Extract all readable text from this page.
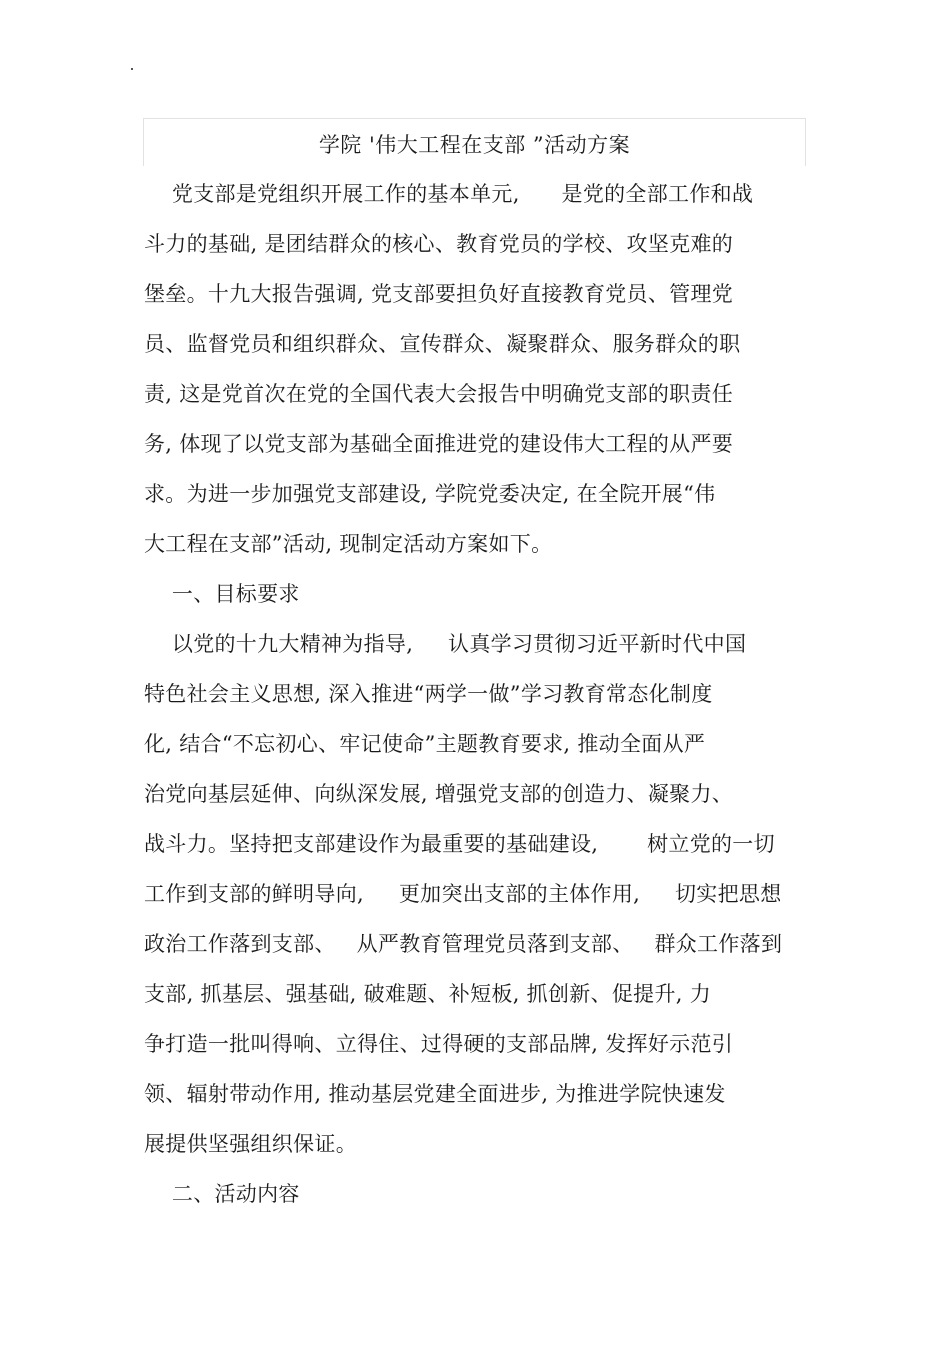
学院 '伟大工程在支部 ”活动方案
党支部是党组织开展工作的基本单元,      是党的全部工作和战
斗力的基础, 是团结群众的核心、教育党员的学校、攻坚克难的
堡垒。十九大报告强调, 党支部要担负好直接教育党员、管理党
员、监督党员和组织群众、宣传群众、凝聚群众、服务群众的职
责, 这是党首次在党的全国代表大会报告中明确党支部的职责任
务, 体现了以党支部为基础全面推进党的建设伟大工程的从严要
求。为进一步加强党支部建设, 学院党委决定, 在全院开展“伟
大工程在支部”活动, 现制定活动方案如下。
一、目标要求
以党的十九大精神为指导,     认真学习贯彻习近平新时代中国
特色社会主义思想, 深入推进“两学一做”学习教育常态化制度
化, 结合“不忘初心、牢记使命”主题教育要求, 推动全面从严
治党向基层延伸、向纵深发展, 增强党支部的创造力、凝聚力、
战斗力。坚持把支部建设作为最重要的基础建设,       树立党的一切
工作到支部的鲜明导向,     更加突出支部的主体作用,     切实把思想
政治工作落到支部、   从严教育管理党员落到支部、   群众工作落到
支部, 抓基层、强基础, 破难题、补短板, 抓创新、促提升, 力
争打造一批叫得响、立得住、过得硬的支部品牌, 发挥好示范引
领、辐射带动作用, 推动基层党建全面进步, 为推进学院快速发
展提供坚强组织保证。
二、活动内容
